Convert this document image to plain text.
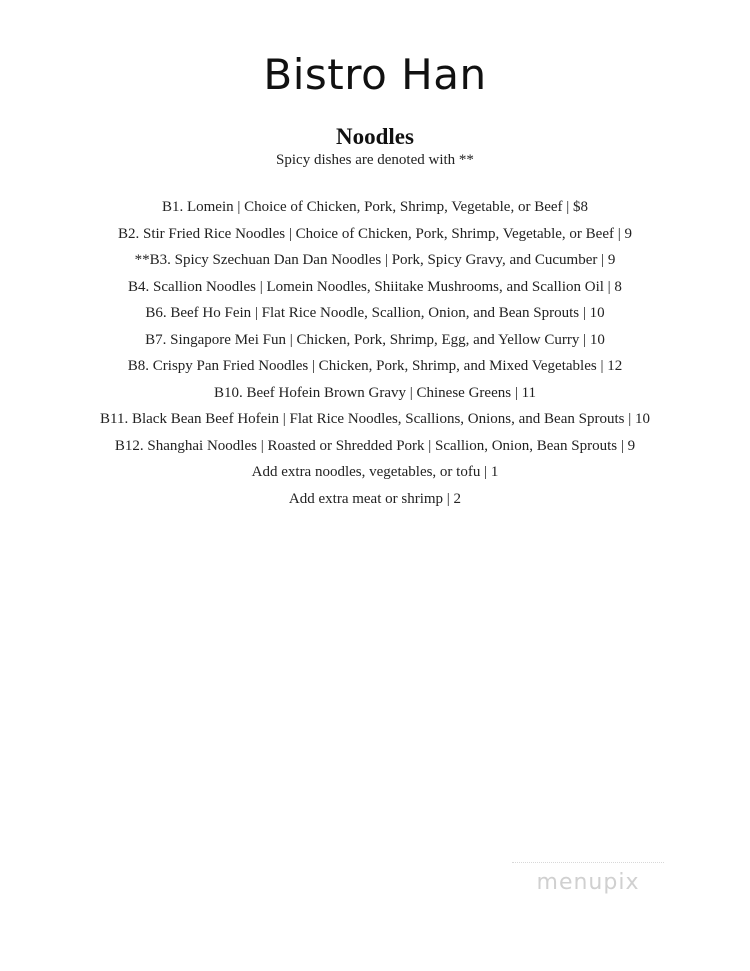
Bistro Han
Noodles
Spicy dishes are denoted with **
B1. Lomein | Choice of Chicken, Pork, Shrimp, Vegetable, or Beef | $8
B2. Stir Fried Rice Noodles | Choice of Chicken, Pork, Shrimp, Vegetable, or Beef | 9
**B3. Spicy Szechuan Dan Dan Noodles | Pork, Spicy Gravy, and Cucumber | 9
B4. Scallion Noodles | Lomein Noodles, Shiitake Mushrooms, and Scallion Oil | 8
B6. Beef Ho Fein | Flat Rice Noodle, Scallion, Onion, and Bean Sprouts | 10
B7. Singapore Mei Fun | Chicken, Pork, Shrimp, Egg, and Yellow Curry | 10
B8. Crispy Pan Fried Noodles | Chicken, Pork, Shrimp, and Mixed Vegetables | 12
B10. Beef Hofein Brown Gravy | Chinese Greens | 11
B11. Black Bean Beef Hofein | Flat Rice Noodles, Scallions, Onions, and Bean Sprouts | 10
B12. Shanghai Noodles | Roasted or Shredded Pork | Scallion, Onion, Bean Sprouts | 9
Add extra noodles, vegetables, or tofu | 1
Add extra meat or shrimp | 2
menupix
